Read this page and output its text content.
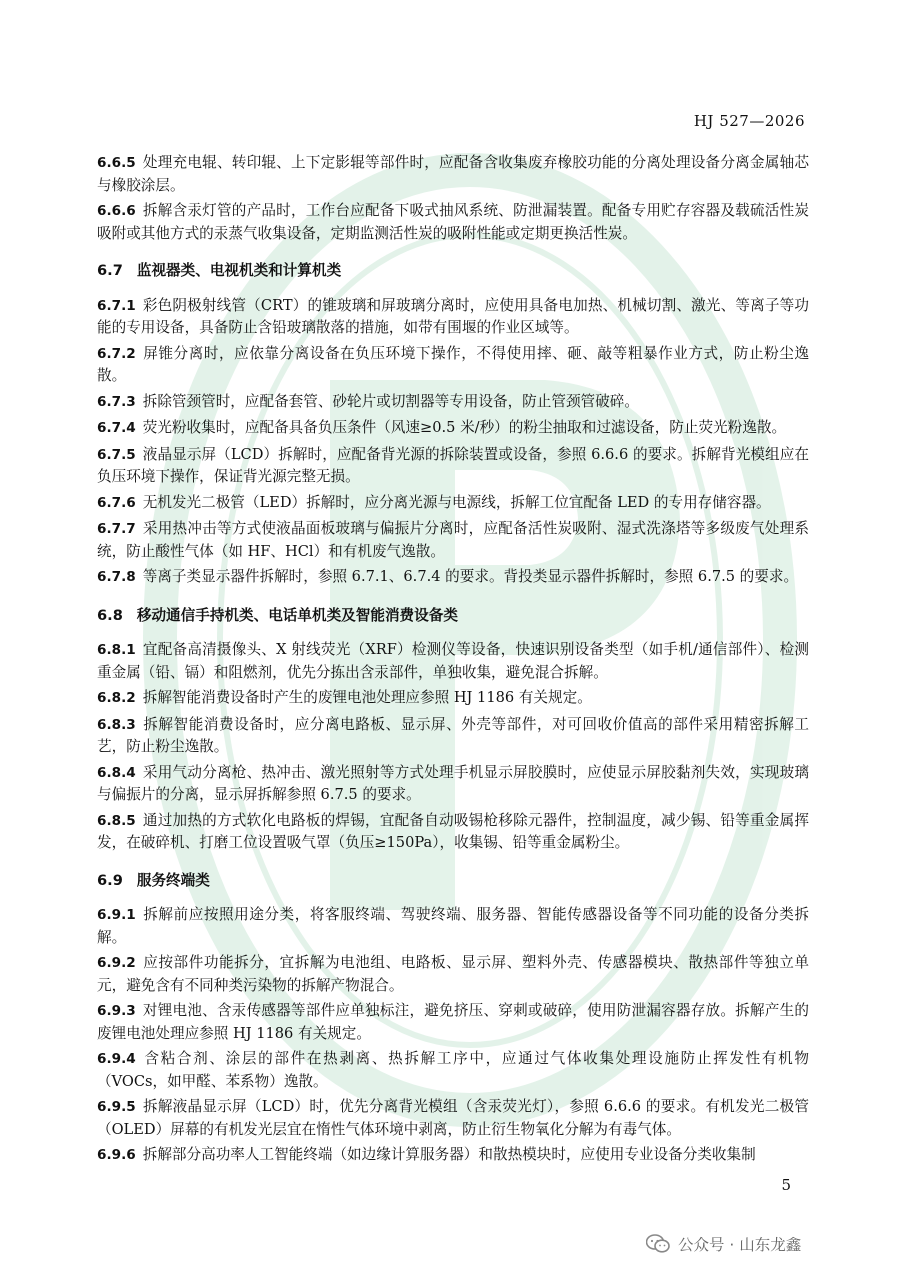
HJ 527—2026

6.6.5 处理充电辊、转印辊、上下定影辊等部件时，应配备含收集废弃橡胶功能的分离处理设备分离金属轴芯与橡胶涂层。

6.6.6 拆解含汞灯管的产品时，工作台应配备下吸式抽风系统、防泄漏装置。配备专用贮存容器及载硫活性炭吸附或其他方式的汞蒸气收集设备，定期监测活性炭的吸附性能或定期更换活性炭。

6.7 监视器类、电视机类和计算机类

6.7.1 彩色阴极射线管（CRT）的锥玻璃和屏玻璃分离时，应使用具备电加热、机械切割、激光、等离子等功能的专用设备，具备防止含铅玻璃散落的措施，如带有围堰的作业区域等。

6.7.2 屏锥分离时，应依靠分离设备在负压环境下操作，不得使用摔、砸、敲等粗暴作业方式，防止粉尘逸散。

6.7.3 拆除管颈管时，应配备套管、砂轮片或切割器等专用设备，防止管颈管破碎。

6.7.4 荧光粉收集时，应配备具备负压条件（风速≥0.5 米/秒）的粉尘抽取和过滤设备，防止荧光粉逸散。

6.7.5 液晶显示屏（LCD）拆解时，应配备背光源的拆除装置或设备，参照 6.6.6 的要求。拆解背光模组应在负压环境下操作，保证背光源完整无损。

6.7.6 无机发光二极管（LED）拆解时，应分离光源与电源线，拆解工位宜配备 LED 的专用存储容器。

6.7.7 采用热冲击等方式使液晶面板玻璃与偏振片分离时，应配备活性炭吸附、湿式洗涤塔等多级废气处理系统，防止酸性气体（如 HF、HCl）和有机废气逸散。

6.7.8 等离子类显示器件拆解时，参照 6.7.1、6.7.4 的要求。背投类显示器件拆解时，参照 6.7.5 的要求。

6.8 移动通信手持机类、电话单机类及智能消费设备类

6.8.1 宜配备高清摄像头、X 射线荧光（XRF）检测仪等设备，快速识别设备类型（如手机/通信部件）、检测重金属（铅、镉）和阻燃剂，优先分拣出含汞部件，单独收集，避免混合拆解。

6.8.2 拆解智能消费设备时产生的废锂电池处理应参照 HJ 1186 有关规定。

6.8.3 拆解智能消费设备时，应分离电路板、显示屏、外壳等部件，对可回收价值高的部件采用精密拆解工艺，防止粉尘逸散。

6.8.4 采用气动分离枪、热冲击、激光照射等方式处理手机显示屏胶膜时，应使显示屏胶黏剂失效，实现玻璃与偏振片的分离，显示屏拆解参照 6.7.5 的要求。

6.8.5 通过加热的方式软化电路板的焊锡，宜配备自动吸锡枪移除元器件，控制温度，减少锡、铅等重金属挥发，在破碎机、打磨工位设置吸气罩（负压≥150Pa），收集锡、铅等重金属粉尘。

6.9 服务终端类

6.9.1 拆解前应按照用途分类，将客服终端、驾驶终端、服务器、智能传感器设备等不同功能的设备分类拆解。

6.9.2 应按部件功能拆分，宜拆解为电池组、电路板、显示屏、塑料外壳、传感器模块、散热部件等独立单元，避免含有不同种类污染物的拆解产物混合。

6.9.3 对锂电池、含汞传感器等部件应单独标注，避免挤压、穿刺或破碎，使用防泄漏容器存放。拆解产生的废锂电池处理应参照 HJ 1186 有关规定。

6.9.4 含粘合剂、涂层的部件在热剥离、热拆解工序中，应通过气体收集处理设施防止挥发性有机物（VOCs，如甲醛、苯系物）逸散。

6.9.5 拆解液晶显示屏（LCD）时，优先分离背光模组（含汞荧光灯），参照 6.6.6 的要求。有机发光二极管（OLED）屏幕的有机发光层宜在惰性气体环境中剥离，防止衍生物氧化分解为有毒气体。

6.9.6 拆解部分高功率人工智能终端（如边缘计算服务器）和散热模块时，应使用专业设备分类收集制

5
公众号 · 山东龙鑫
